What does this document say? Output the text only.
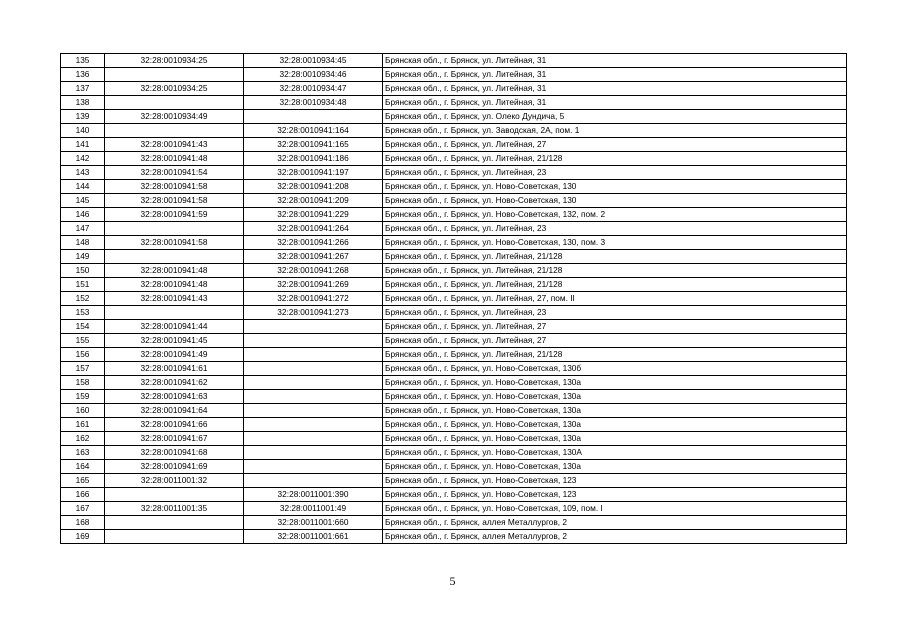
135	32:28:0010934:25	32:28:0010934:45	Брянская обл., г. Брянск, ул. Литейная, 31
136		32:28:0010934:46	Брянская обл., г. Брянск, ул. Литейная, 31
137	32:28:0010934:25	32:28:0010934:47	Брянская обл., г. Брянск, ул. Литейная, 31
138		32:28:0010934:48	Брянская обл., г. Брянск, ул. Литейная, 31
139	32:28:0010934:49		Брянская обл., г. Брянск, ул. Олеко Дундича, 5
140		32:28:0010941:164	Брянская обл., г. Брянск, ул. Заводская, 2А, пом. 1
141	32:28:0010941:43	32:28:0010941:165	Брянская обл., г. Брянск, ул. Литейная, 27
142	32:28:0010941:48	32:28:0010941:186	Брянская обл., г. Брянск, ул. Литейная, 21/128
143	32:28:0010941:54	32:28:0010941:197	Брянская обл., г. Брянск, ул. Литейная, 23
144	32:28:0010941:58	32:28:0010941:208	Брянская обл., г. Брянск, ул. Ново-Советская, 130
145	32:28:0010941:58	32:28:0010941:209	Брянская обл., г. Брянск, ул. Ново-Советская, 130
146	32:28:0010941:59	32:28:0010941:229	Брянская обл., г. Брянск, ул. Ново-Советская, 132, пом. 2
147		32:28:0010941:264	Брянская обл., г. Брянск, ул. Литейная, 23
148	32:28:0010941:58	32:28:0010941:266	Брянская обл., г. Брянск, ул. Ново-Советская, 130, пом. 3
149		32:28:0010941:267	Брянская обл., г. Брянск, ул. Литейная, 21/128
150	32:28:0010941:48	32:28:0010941:268	Брянская обл., г. Брянск, ул. Литейная, 21/128
151	32:28:0010941:48	32:28:0010941:269	Брянская обл., г. Брянск, ул. Литейная, 21/128
152	32:28:0010941:43	32:28:0010941:272	Брянская обл., г. Брянск, ул. Литейная, 27, пом. II
153		32:28:0010941:273	Брянская обл., г. Брянск, ул. Литейная, 23
154	32:28:0010941:44		Брянская обл., г. Брянск, ул. Литейная, 27
155	32:28:0010941:45		Брянская обл., г. Брянск, ул. Литейная, 27
156	32:28:0010941:49		Брянская обл., г. Брянск, ул. Литейная, 21/128
157	32:28:0010941:61		Брянская обл., г. Брянск, ул. Ново-Советская, 130б
158	32:28:0010941:62		Брянская обл., г. Брянск, ул. Ново-Советская, 130а
159	32:28:0010941:63		Брянская обл., г. Брянск, ул. Ново-Советская, 130а
160	32:28:0010941:64		Брянская обл., г. Брянск, ул. Ново-Советская, 130а
161	32:28:0010941:66		Брянская обл., г. Брянск, ул. Ново-Советская, 130а
162	32:28:0010941:67		Брянская обл., г. Брянск, ул. Ново-Советская, 130а
163	32:28:0010941:68		Брянская обл., г. Брянск, ул. Ново-Советская, 130А
164	32:28:0010941:69		Брянская обл., г. Брянск, ул. Ново-Советская, 130а
165	32:28:0011001:32		Брянская обл., г. Брянск, ул. Ново-Советская, 123
166		32:28:0011001:390	Брянская обл., г. Брянск, ул. Ново-Советская, 123
167	32:28:0011001:35	32:28:0011001:49	Брянская обл., г. Брянск, ул. Ново-Советская, 109, пом. I
168		32:28:0011001:660	Брянская обл., г. Брянск, аллея Металлургов, 2
169		32:28:0011001:661	Брянская обл., г. Брянск, аллея Металлургов, 2
5
